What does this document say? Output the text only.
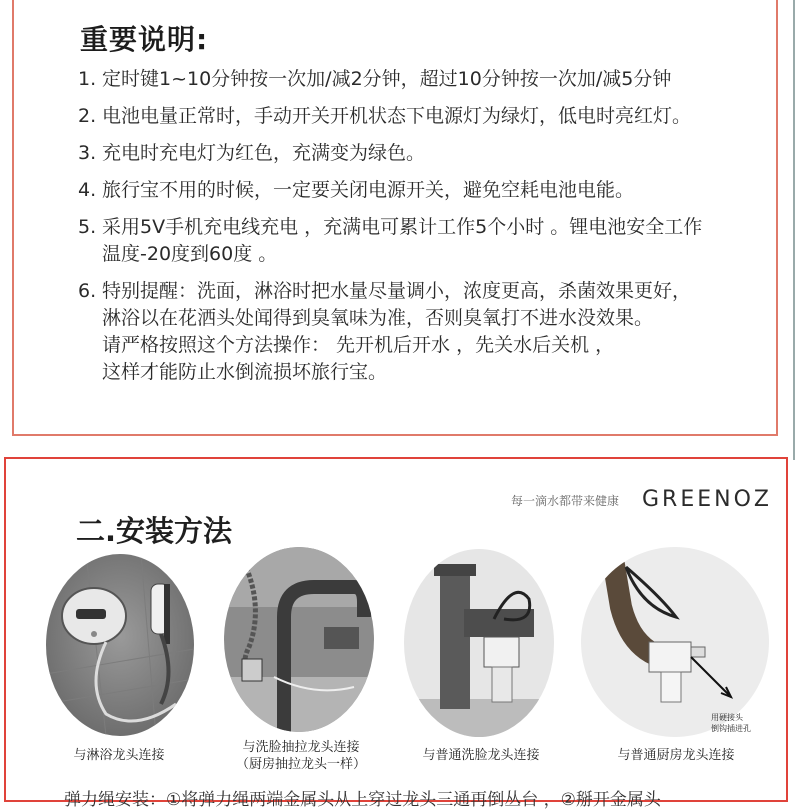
重要说明:
1. 定时键1~10分钟按一次加/减2分钟，超过10分钟按一次加/减5分钟
2. 电池电量正常时，手动开关开机状态下电源灯为绿灯，低电时亮红灯。
3. 充电时充电灯为红色，充满变为绿色。
4. 旅行宝不用的时候，一定要关闭电源开关，避免空耗电池电能。
5. 采用5V手机充电线充电 ，充满电可累计工作5个小时 。锂电池安全工作
温度-20度到60度 。
6. 特别提醒：洗面，淋浴时把水量尽量调小，浓度更高，杀菌效果更好，
淋浴以在花洒头处闻得到臭氧味为准，否则臭氧打不进水没效果。
请严格按照这个方法操作： 先开机后开水 ，先关水后关机 ，
这样才能防止水倒流损坏旅行宝。
二.安装方法
每一滴水都带来健康 GREENOZ
与淋浴龙头连接
与洗脸抽拉龙头连接
（厨房抽拉龙头一样）
与普通洗脸龙头连接
用硬接头
倒钩插进孔
与普通厨房龙头连接
弹力绳安装：①将弹力绳两端金属头从上穿过龙头三通再倒丛台 ，②掰开金属头
